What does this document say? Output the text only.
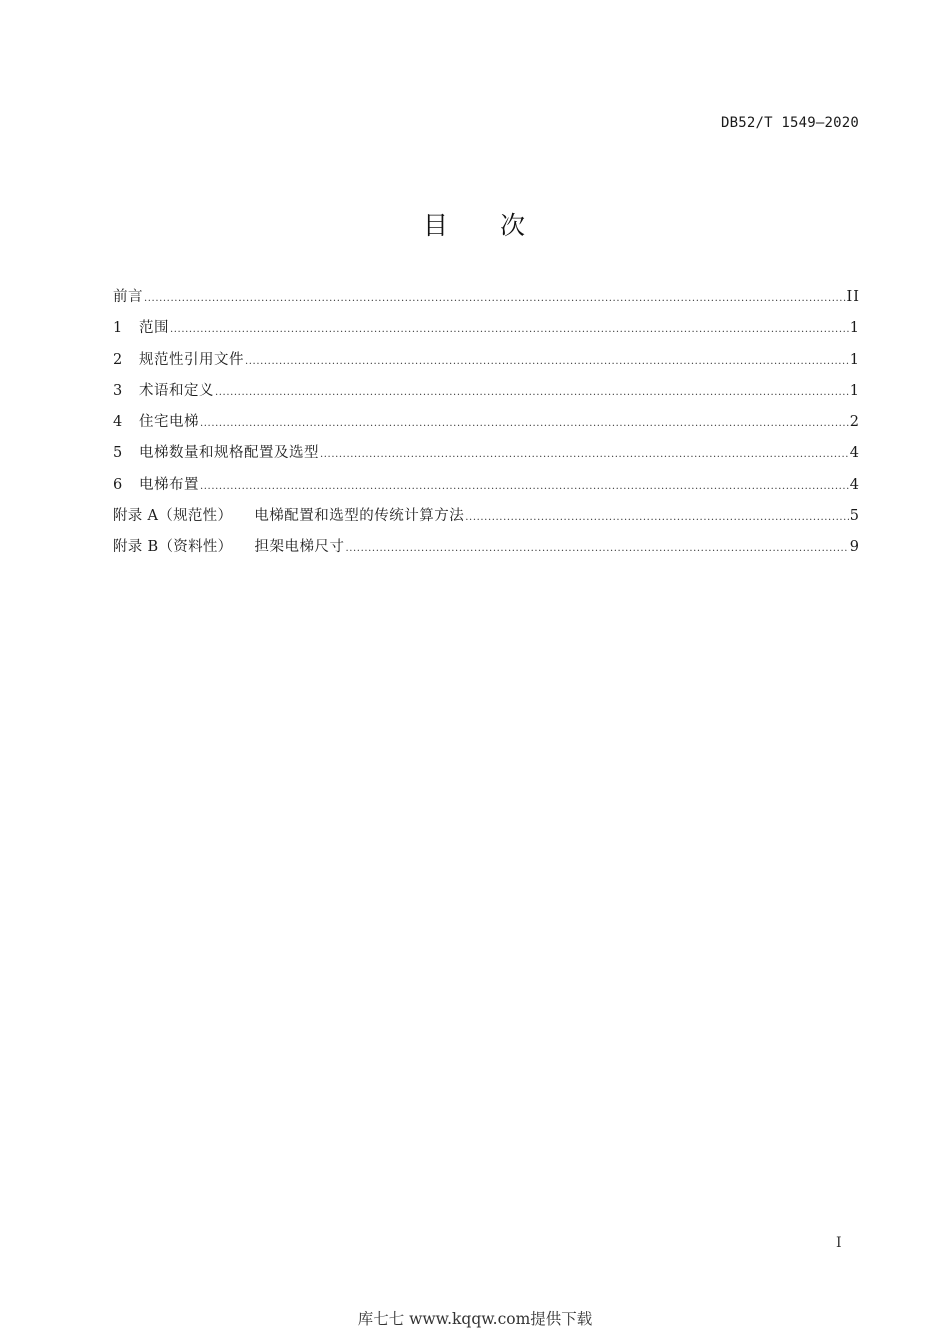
DB52/T 1549—2020
目 次
前言 .....	II
1	范围 .....	1
2	规范性引用文件 .....	1
3	术语和定义 .....	1
4	住宅电梯 .....	2
5	电梯数量和规格配置及选型 .....	4
6	电梯布置 .....	4
附录 A（规范性） 电梯配置和选型的传统计算方法 .....	5
附录 B（资料性） 担架电梯尺寸 .....	9
I
库七七 www.kqqw.com提供下载
